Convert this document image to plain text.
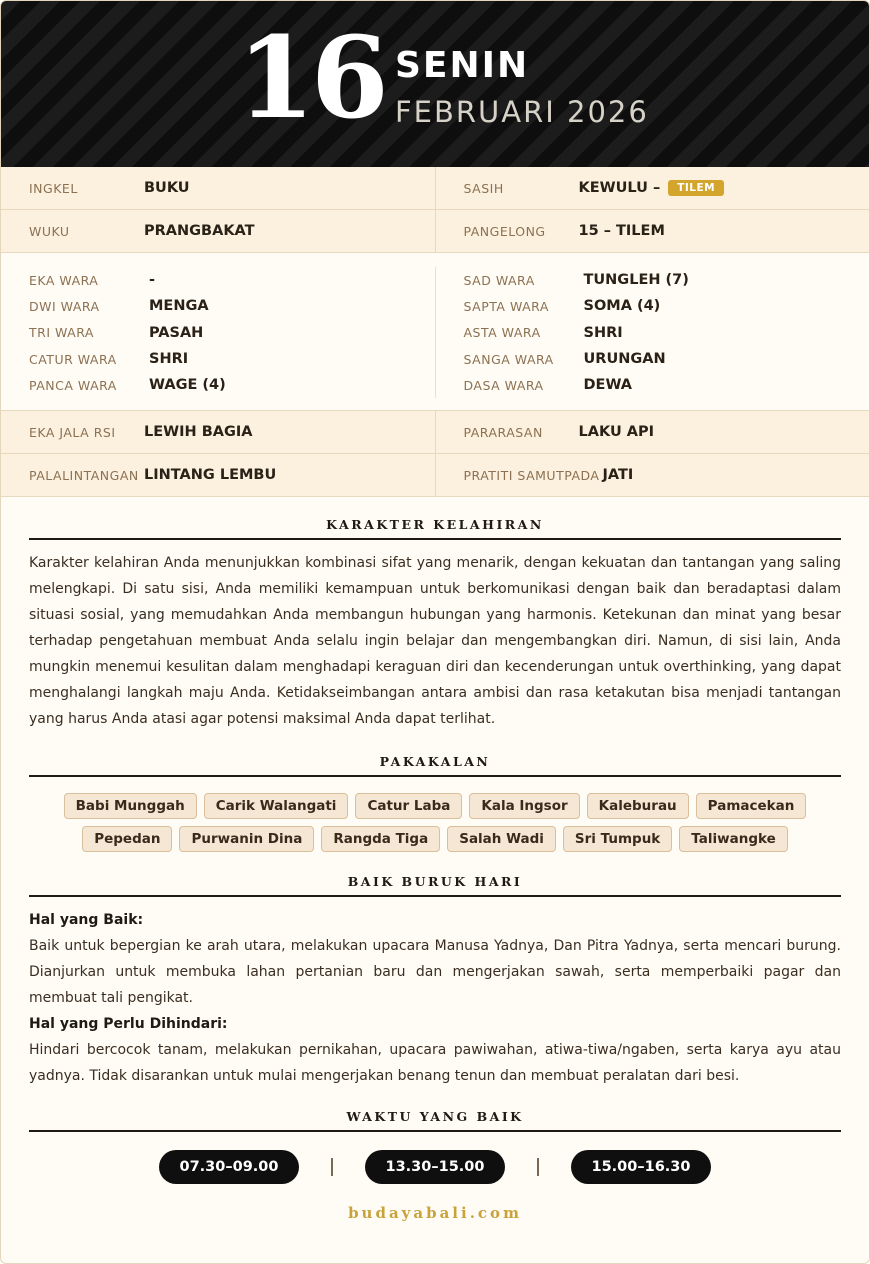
16 SENIN
FEBRUARI 2026
INGKEL	BUKU	SASIH	KEWULU –	TILEM
WUKU	PRANGBAKAT	PANGELONG	15 – TILEM
EKA WARA	-
DWI WARA	MENGA
TRI WARA	PASAH
CATUR WARA	SHRI
PANCA WARA	WAGE (4)
SAD WARA	TUNGLEH (7)
SAPTA WARA	SOMA (4)
ASTA WARA	SHRI
SANGA WARA	URUNGAN
DASA WARA	DEWA
EKA JALA RSI	LEWIH BAGIA	PARARASAN	LAKU API
PALALINTANGAN LINTANG LEMBU	PRATITI SAMUTPADA JATI
KARAKTER KELAHIRAN
Karakter kelahiran Anda menunjukkan kombinasi sifat yang menarik, dengan kekuatan dan tantangan yang saling melengkapi. Di satu sisi, Anda memiliki kemampuan untuk berkomunikasi dengan baik dan beradaptasi dalam situasi sosial, yang memudahkan Anda membangun hubungan yang harmonis. Ketekunan dan minat yang besar terhadap pengetahuan membuat Anda selalu ingin belajar dan mengembangkan diri. Namun, di sisi lain, Anda mungkin menemui kesulitan dalam menghadapi keraguan diri dan kecenderungan untuk overthinking, yang dapat menghalangi langkah maju Anda. Ketidakseimbangan antara ambisi dan rasa ketakutan bisa menjadi tantangan yang harus Anda atasi agar potensi maksimal Anda dapat terlihat.
PAKAKALAN
Babi Munggah	Carik Walangati	Catur Laba	Kala Ingsor	Kaleburau	Pamacekan
Pepedan	Purwanin Dina	Rangda Tiga	Salah Wadi	Sri Tumpuk	Taliwangke
BAIK BURUK HARI
Hal yang Baik:
Baik untuk bepergian ke arah utara, melakukan upacara Manusa Yadnya, Dan Pitra Yadnya, serta mencari burung. Dianjurkan untuk membuka lahan pertanian baru dan mengerjakan sawah, serta memperbaiki pagar dan membuat tali pengikat.
Hal yang Perlu Dihindari:
Hindari bercocok tanam, melakukan pernikahan, upacara pawiwahan, atiwa-tiwa/ngaben, serta karya ayu atau yadnya. Tidak disarankan untuk mulai mengerjakan benang tenun dan membuat peralatan dari besi.
WAKTU YANG BAIK
07.30–09.00	13.30–15.00	15.00–16.30
budayabali.com
